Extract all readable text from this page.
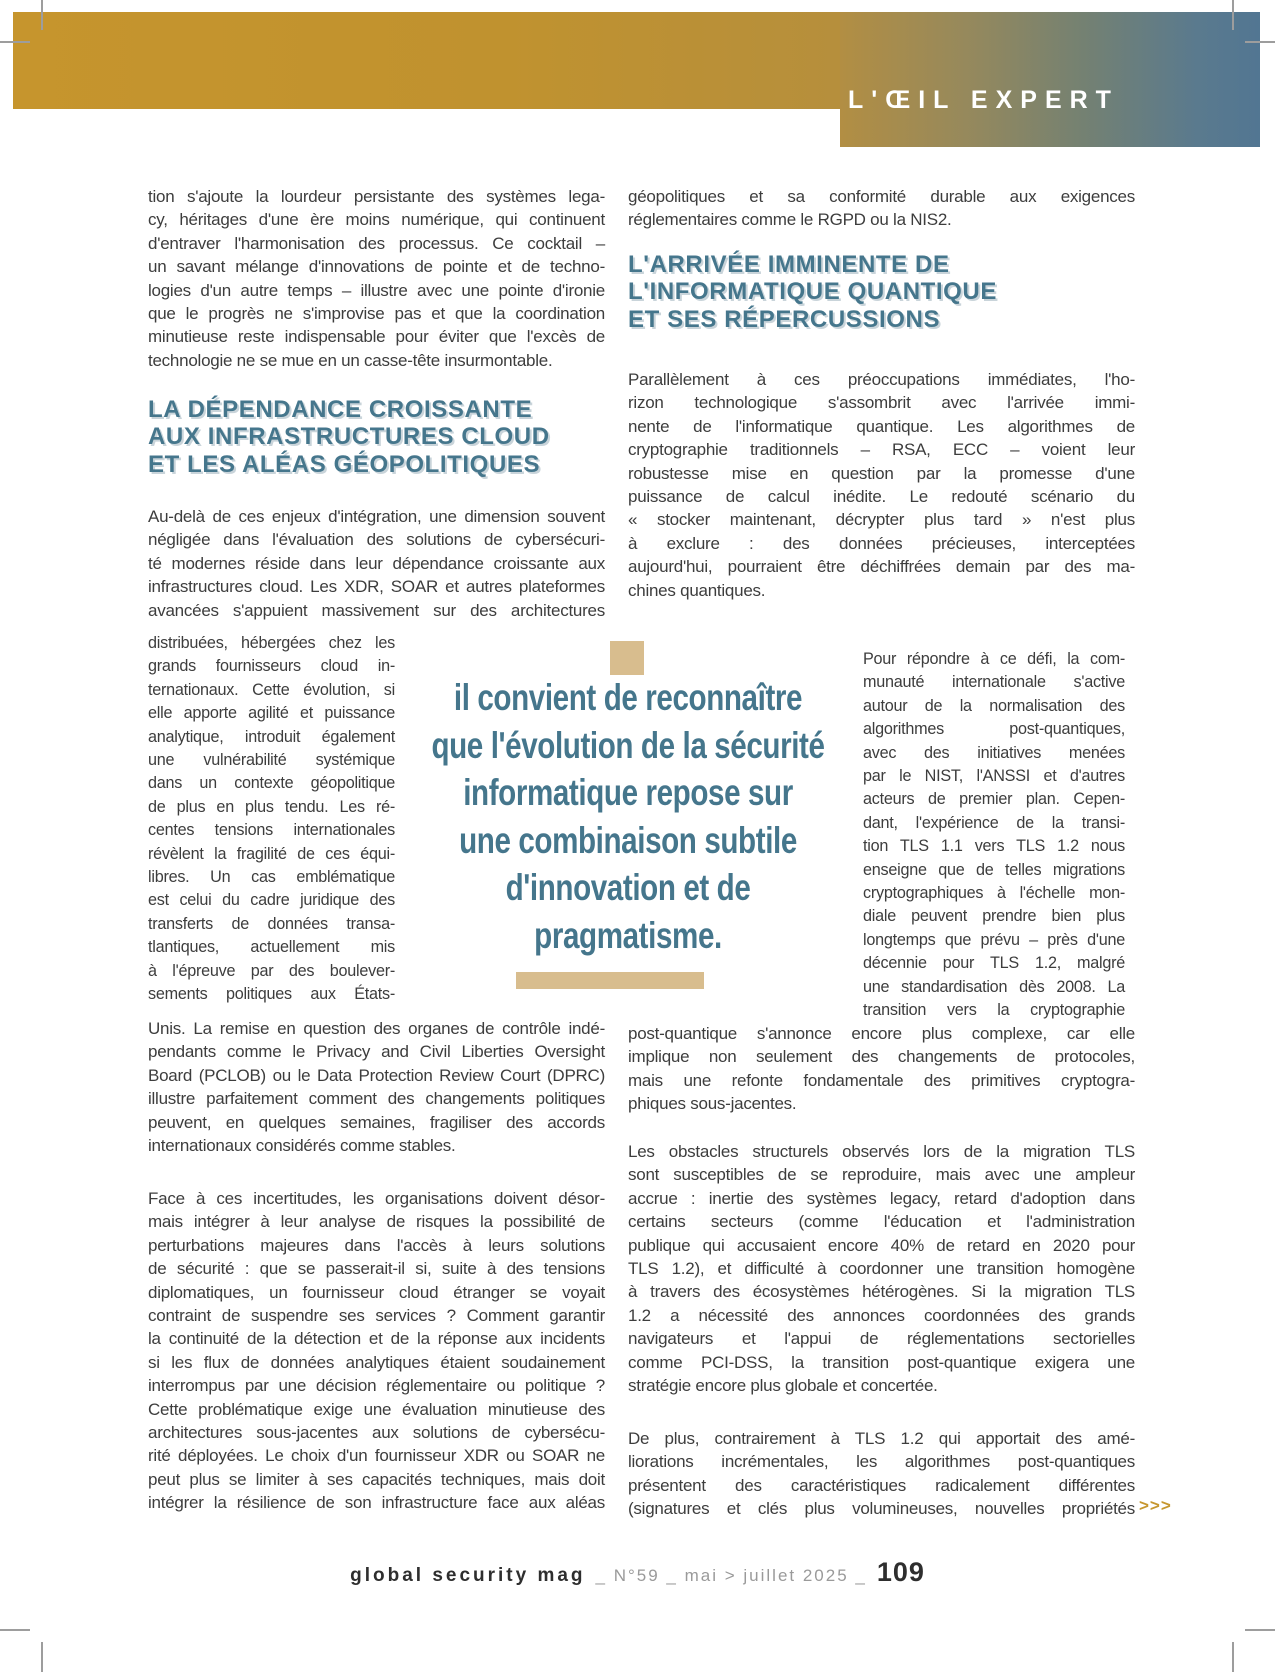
L'ŒIL EXPERT
tion s'ajoute la lourdeur persistante des systèmes lega-
cy, héritages d'une ère moins numérique, qui continuent
d'entraver l'harmonisation des processus. Ce cocktail –
un savant mélange d'innovations de pointe et de techno-
logies d'un autre temps – illustre avec une pointe d'ironie
que le progrès ne s'improvise pas et que la coordination
minutieuse reste indispensable pour éviter que l'excès de
technologie ne se mue en un casse-tête insurmontable.
LA DÉPENDANCE CROISSANTE
AUX INFRASTRUCTURES CLOUD
ET LES ALÉAS GÉOPOLITIQUES
Au-delà de ces enjeux d'intégration, une dimension souvent
négligée dans l'évaluation des solutions de cybersécuri-
té modernes réside dans leur dépendance croissante aux
infrastructures cloud. Les XDR, SOAR et autres plateformes
avancées s'appuient massivement sur des architectures
distribuées, hébergées chez les
grands fournisseurs cloud in-
ternationaux. Cette évolution, si
elle apporte agilité et puissance
analytique, introduit également
une vulnérabilité systémique
dans un contexte géopolitique
de plus en plus tendu. Les ré-
centes tensions internationales
révèlent la fragilité de ces équi-
libres. Un cas emblématique
est celui du cadre juridique des
transferts de données transa-
tlantiques, actuellement mis
à l'épreuve par des boulever-
sements politiques aux États-
Unis. La remise en question des organes de contrôle indé-
pendants comme le Privacy and Civil Liberties Oversight
Board (PCLOB) ou le Data Protection Review Court (DPRC)
illustre parfaitement comment des changements politiques
peuvent, en quelques semaines, fragiliser des accords
internationaux considérés comme stables.
Face à ces incertitudes, les organisations doivent désor-
mais intégrer à leur analyse de risques la possibilité de
perturbations majeures dans l'accès à leurs solutions
de sécurité : que se passerait-il si, suite à des tensions
diplomatiques, un fournisseur cloud étranger se voyait
contraint de suspendre ses services ? Comment garantir
la continuité de la détection et de la réponse aux incidents
si les flux de données analytiques étaient soudainement
interrompus par une décision réglementaire ou politique ?
Cette problématique exige une évaluation minutieuse des
architectures sous-jacentes aux solutions de cybersécu-
rité déployées. Le choix d'un fournisseur XDR ou SOAR ne
peut plus se limiter à ses capacités techniques, mais doit
intégrer la résilience de son infrastructure face aux aléas
géopolitiques et sa conformité durable aux exigences
réglementaires comme le RGPD ou la NIS2.
L'ARRIVÉE IMMINENTE DE
L'INFORMATIQUE QUANTIQUE
ET SES RÉPERCUSSIONS
Parallèlement à ces préoccupations immédiates, l'ho-
rizon technologique s'assombrit avec l'arrivée immi-
nente de l'informatique quantique. Les algorithmes de
cryptographie traditionnels – RSA, ECC – voient leur
robustesse mise en question par la promesse d'une
puissance de calcul inédite. Le redouté scénario du
« stocker maintenant, décrypter plus tard » n'est plus
à exclure : des données précieuses, interceptées
aujourd'hui, pourraient être déchiffrées demain par des ma-
chines quantiques.
Pour répondre à ce défi, la com-
munauté internationale s'active
autour de la normalisation des
algorithmes post-quantiques,
avec des initiatives menées
par le NIST, l'ANSSI et d'autres
acteurs de premier plan. Cepen-
dant, l'expérience de la transi-
tion TLS 1.1 vers TLS 1.2 nous
enseigne que de telles migrations
cryptographiques à l'échelle mon-
diale peuvent prendre bien plus
longtemps que prévu – près d'une
décennie pour TLS 1.2, malgré
une standardisation dès 2008. La
transition vers la cryptographie
post-quantique s'annonce encore plus complexe, car elle
implique non seulement des changements de protocoles,
mais une refonte fondamentale des primitives cryptogra-
phiques sous-jacentes.
Les obstacles structurels observés lors de la migration TLS
sont susceptibles de se reproduire, mais avec une ampleur
accrue : inertie des systèmes legacy, retard d'adoption dans
certains secteurs (comme l'éducation et l'administration
publique qui accusaient encore 40% de retard en 2020 pour
TLS 1.2), et difficulté à coordonner une transition homogène
à travers des écosystèmes hétérogènes. Si la migration TLS
1.2 a nécessité des annonces coordonnées des grands
navigateurs et l'appui de réglementations sectorielles
comme PCI-DSS, la transition post-quantique exigera une
stratégie encore plus globale et concertée.
De plus, contrairement à TLS 1.2 qui apportait des amé-
liorations incrémentales, les algorithmes post-quantiques
présentent des caractéristiques radicalement différentes
(signatures et clés plus volumineuses, nouvelles propriétés >>>
il convient de reconnaître
que l'évolution de la sécurité
informatique repose sur
une combinaison subtile
d'innovation et de
pragmatisme.
global security mag _ N°59 _ mai > juillet 2025 _ 109
